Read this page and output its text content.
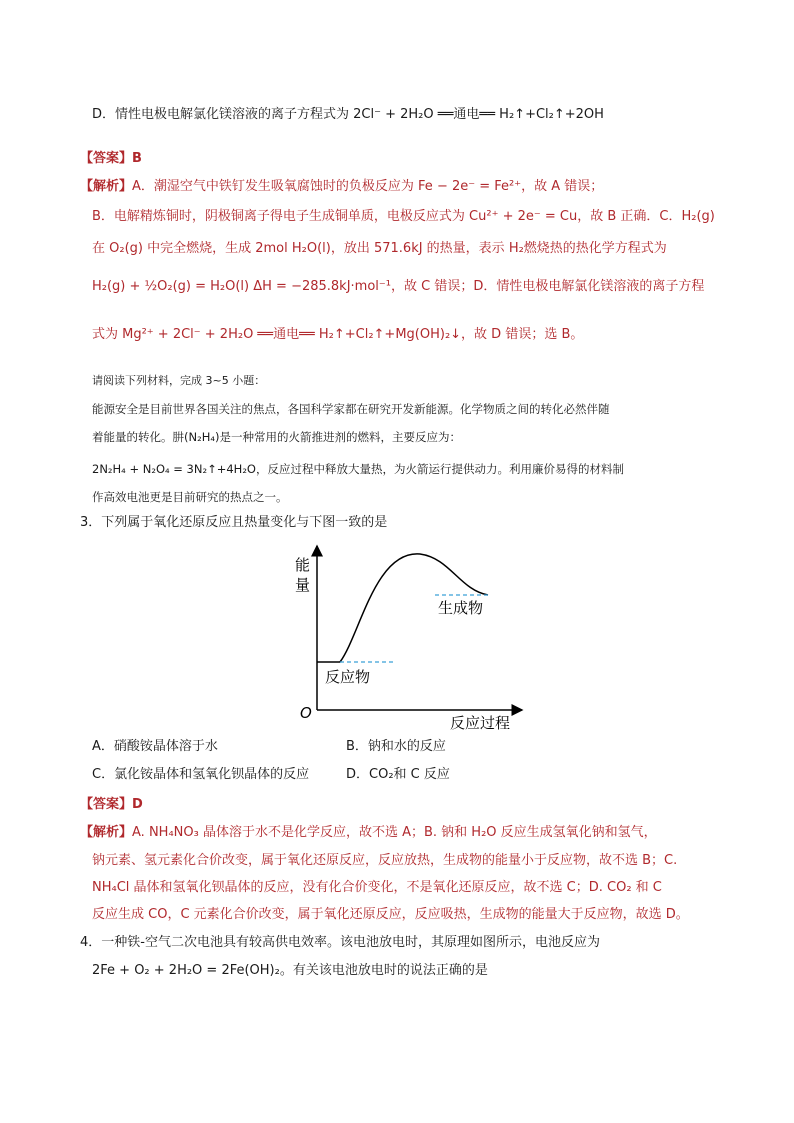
D．情性电极电解氯化镁溶液的离子方程式为 2Cl⁻ + 2H₂O ══通电══ H₂↑+Cl₂↑+2OH
【答案】B
【解析】A．潮湿空气中铁钉发生吸氧腐蚀时的负极反应为 Fe − 2e⁻ = Fe²⁺，故 A 错误；
B．电解精炼铜时，阴极铜离子得电子生成铜单质，电极反应式为 Cu²⁺ + 2e⁻ = Cu，故 B 正确．C．H₂(g)
在 O₂(g) 中完全燃烧，生成 2mol H₂O(l)，放出 571.6kJ 的热量，表示 H₂燃烧热的热化学方程式为
H₂(g) + ½O₂(g) = H₂O(l) ΔH = −285.8kJ·mol⁻¹，故 C 错误；D．情性电极电解氯化镁溶液的离子方程
式为 Mg²⁺ + 2Cl⁻ + 2H₂O ══通电══ H₂↑+Cl₂↑+Mg(OH)₂↓，故 D 错误；选 B。
请阅读下列材料，完成 3~5 小题：
能源安全是目前世界各国关注的焦点，各国科学家都在研究开发新能源。化学物质之间的转化必然伴随
着能量的转化。肼(N₂H₄)是一种常用的火箭推进剂的燃料，主要反应为：
2N₂H₄ + N₂O₄ = 3N₂↑+4H₂O，反应过程中释放大量热，为火箭运行提供动力。利用廉价易得的材料制
作高效电池更是目前研究的热点之一。
3．下列属于氧化还原反应且热量变化与下图一致的是
能
量
生成物
反应物
O
反应过程
A．硝酸铵晶体溶于水	B．钠和水的反应
C．氯化铵晶体和氢氧化钡晶体的反应	D．CO₂和 C 反应
【答案】D
【解析】A. NH₄NO₃ 晶体溶于水不是化学反应，故不选 A；B. 钠和 H₂O 反应生成氢氧化钠和氢气，
钠元素、氢元素化合价改变，属于氧化还原反应，反应放热，生成物的能量小于反应物，故不选 B；C.
NH₄Cl 晶体和氢氧化钡晶体的反应，没有化合价变化，不是氧化还原反应，故不选 C；D. CO₂ 和 C
反应生成 CO，C 元素化合价改变，属于氧化还原反应，反应吸热，生成物的能量大于反应物，故选 D。
4．一种铁-空气二次电池具有较高供电效率。该电池放电时，其原理如图所示，电池反应为
2Fe + O₂ + 2H₂O = 2Fe(OH)₂。有关该电池放电时的说法正确的是
